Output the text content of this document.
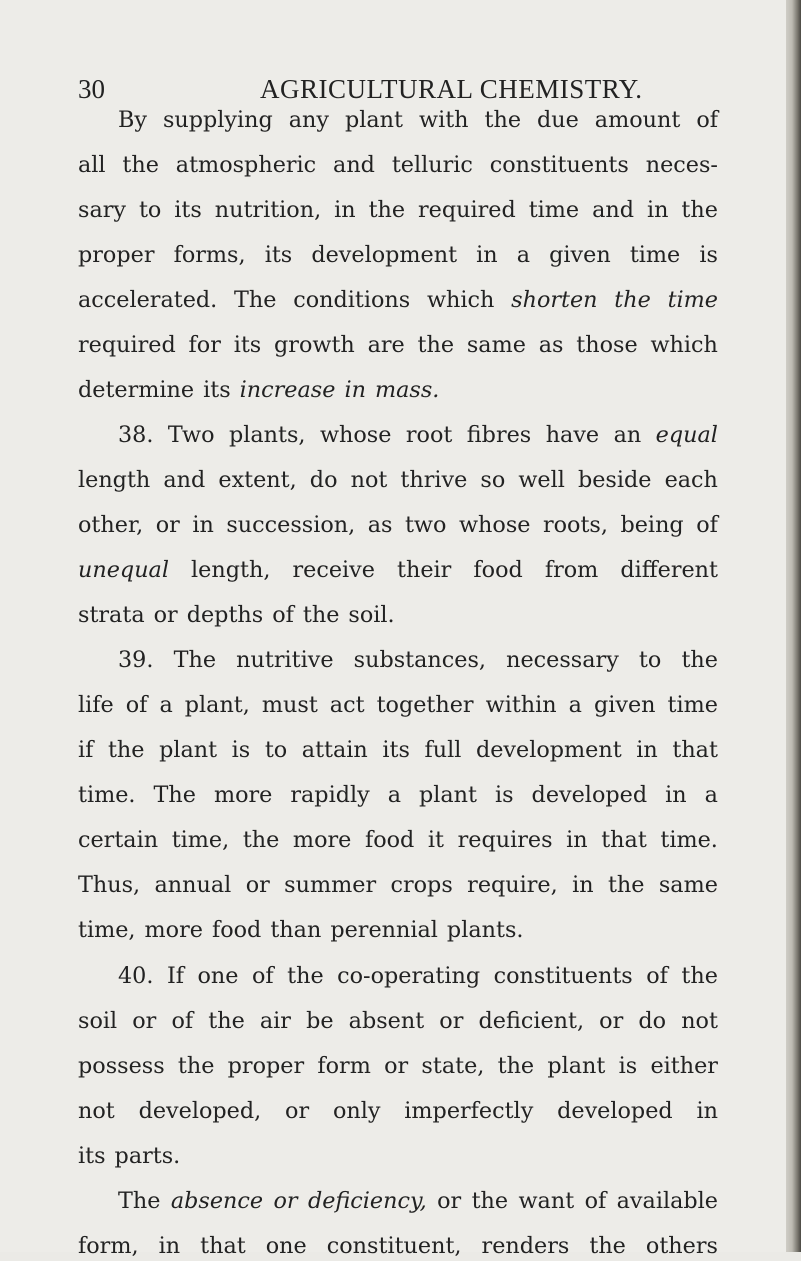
30	AGRICULTURAL CHEMISTRY.
By supplying any plant with the due amount of
all the atmospheric and telluric constituents neces-
sary to its nutrition, in the required time and in the
proper forms, its development in a given time is
accelerated. The conditions which shorten the time
required for its growth are the same as those which
determine its increase in mass.
38. Two plants, whose root fibres have an equal
length and extent, do not thrive so well beside each
other, or in succession, as two whose roots, being of
unequal length, receive their food from different
strata or depths of the soil.
39. The nutritive substances, necessary to the
life of a plant, must act together within a given time
if the plant is to attain its full development in that
time. The more rapidly a plant is developed in a
certain time, the more food it requires in that time.
Thus, annual or summer crops require, in the same
time, more food than perennial plants.
40. If one of the co-operating constituents of the
soil or of the air be absent or deficient, or do not
possess the proper form or state, the plant is either
not developed, or only imperfectly developed in
its parts.
The absence or deficiency, or the want of available
form, in that one constituent, renders the others
